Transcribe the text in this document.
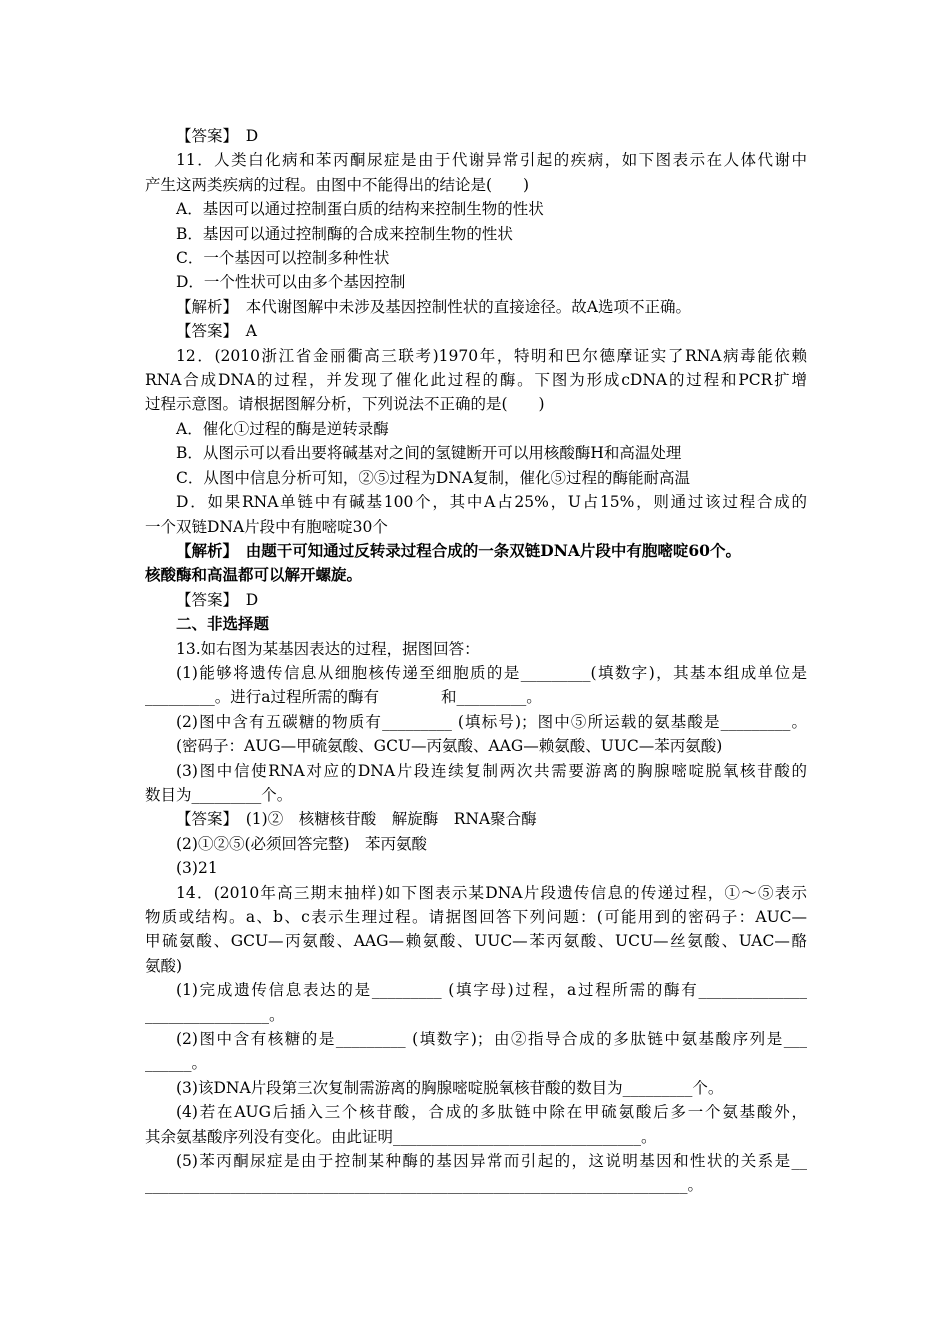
【答案】　D

11．人类白化病和苯丙酮尿症是由于代谢异常引起的疾病，如下图表示在人体代谢中

产生这两类疾病的过程。由图中不能得出的结论是(　　)

A．基因可以通过控制蛋白质的结构来控制生物的性状

B．基因可以通过控制酶的合成来控制生物的性状

C．一个基因可以控制多种性状

D．一个性状可以由多个基因控制

【解析】　本代谢图解中未涉及基因控制性状的直接途径。故A选项不正确。

【答案】　A

12．(2010浙江省金丽衢高三联考)1970年，特明和巴尔德摩证实了RNA病毒能依赖

RNA合成DNA的过程，并发现了催化此过程的酶。下图为形成cDNA的过程和PCR扩增

过程示意图。请根据图解分析，下列说法不正确的是(　　)

A．催化①过程的酶是逆转录酶

B．从图示可以看出要将碱基对之间的氢键断开可以用核酸酶H和高温处理

C．从图中信息分析可知，②⑤过程为DNA复制，催化⑤过程的酶能耐高温

D．如果RNA单链中有碱基100个，其中A占25%，U占15%，则通过该过程合成的

一个双链DNA片段中有胞嘧啶30个

【解析】　由题干可知通过反转录过程合成的一条双链DNA片段中有胞嘧啶60个。

核酸酶和高温都可以解开螺旋。

【答案】　D

二、非选择题

13.如右图为某基因表达的过程，据图回答：

(1)能够将遗传信息从细胞核传递至细胞质的是_________(填数字)，其基本组成单位是

_________。进行a过程所需的酶有　　　　和_________。

(2)图中含有五碳糖的物质有_________ (填标号)；图中⑤所运载的氨基酸是_________。

(密码子：AUG—甲硫氨酸、GCU—丙氨酸、AAG—赖氨酸、UUC—苯丙氨酸)

(3)图中信使RNA对应的DNA片段连续复制两次共需要游离的胸腺嘧啶脱氧核苷酸的

数目为_________个。

【答案】　(1)②　核糖核苷酸　解旋酶　RNA聚合酶

(2)①②⑤(必须回答完整)　苯丙氨酸

(3)21

14．(2010年高三期末抽样)如下图表示某DNA片段遗传信息的传递过程，①～⑤表示

物质或结构。a、b、c表示生理过程。请据图回答下列问题：(可能用到的密码子：AUC—

甲硫氨酸、GCU—丙氨酸、AAG—赖氨酸、UUC—苯丙氨酸、UCU—丝氨酸、UAC—酪

氨酸)

(1)完成遗传信息表达的是_________ (填字母)过程，a过程所需的酶有______________

________________。

(2)图中含有核糖的是_________ (填数字)；由②指导合成的多肽链中氨基酸序列是___

______。

(3)该DNA片段第三次复制需游离的胸腺嘧啶脱氧核苷酸的数目为_________个。

(4)若在AUG后插入三个核苷酸，合成的多肽链中除在甲硫氨酸后多一个氨基酸外，

其余氨基酸序列没有变化。由此证明________________________________。

(5)苯丙酮尿症是由于控制某种酶的基因异常而引起的，这说明基因和性状的关系是__

______________________________________________________________________。
